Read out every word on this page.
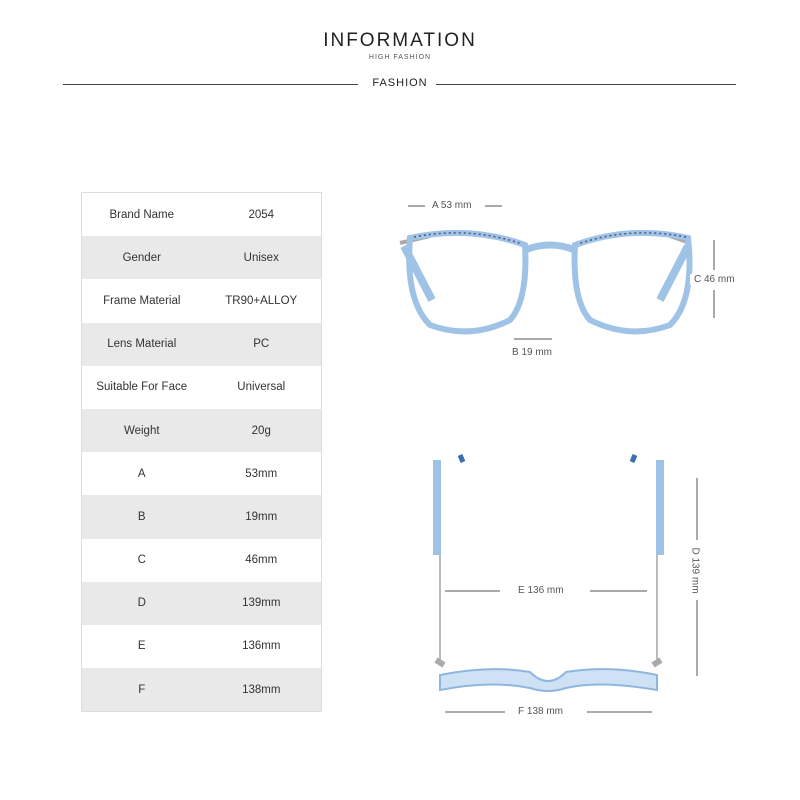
INFORMATION
HIGH FASHION
FASHION
Brand Name	2054
Gender	Unisex
Frame Material	TR90+ALLOY
Lens Material	PC
Suitable For Face	Universal
Weight	20g
A	53mm
B	19mm
C	46mm
D	139mm
E	136mm
F	138mm
A 53 mm
B 19 mm
C 46 mm
D 139 mm
E 136 mm
F 138 mm
